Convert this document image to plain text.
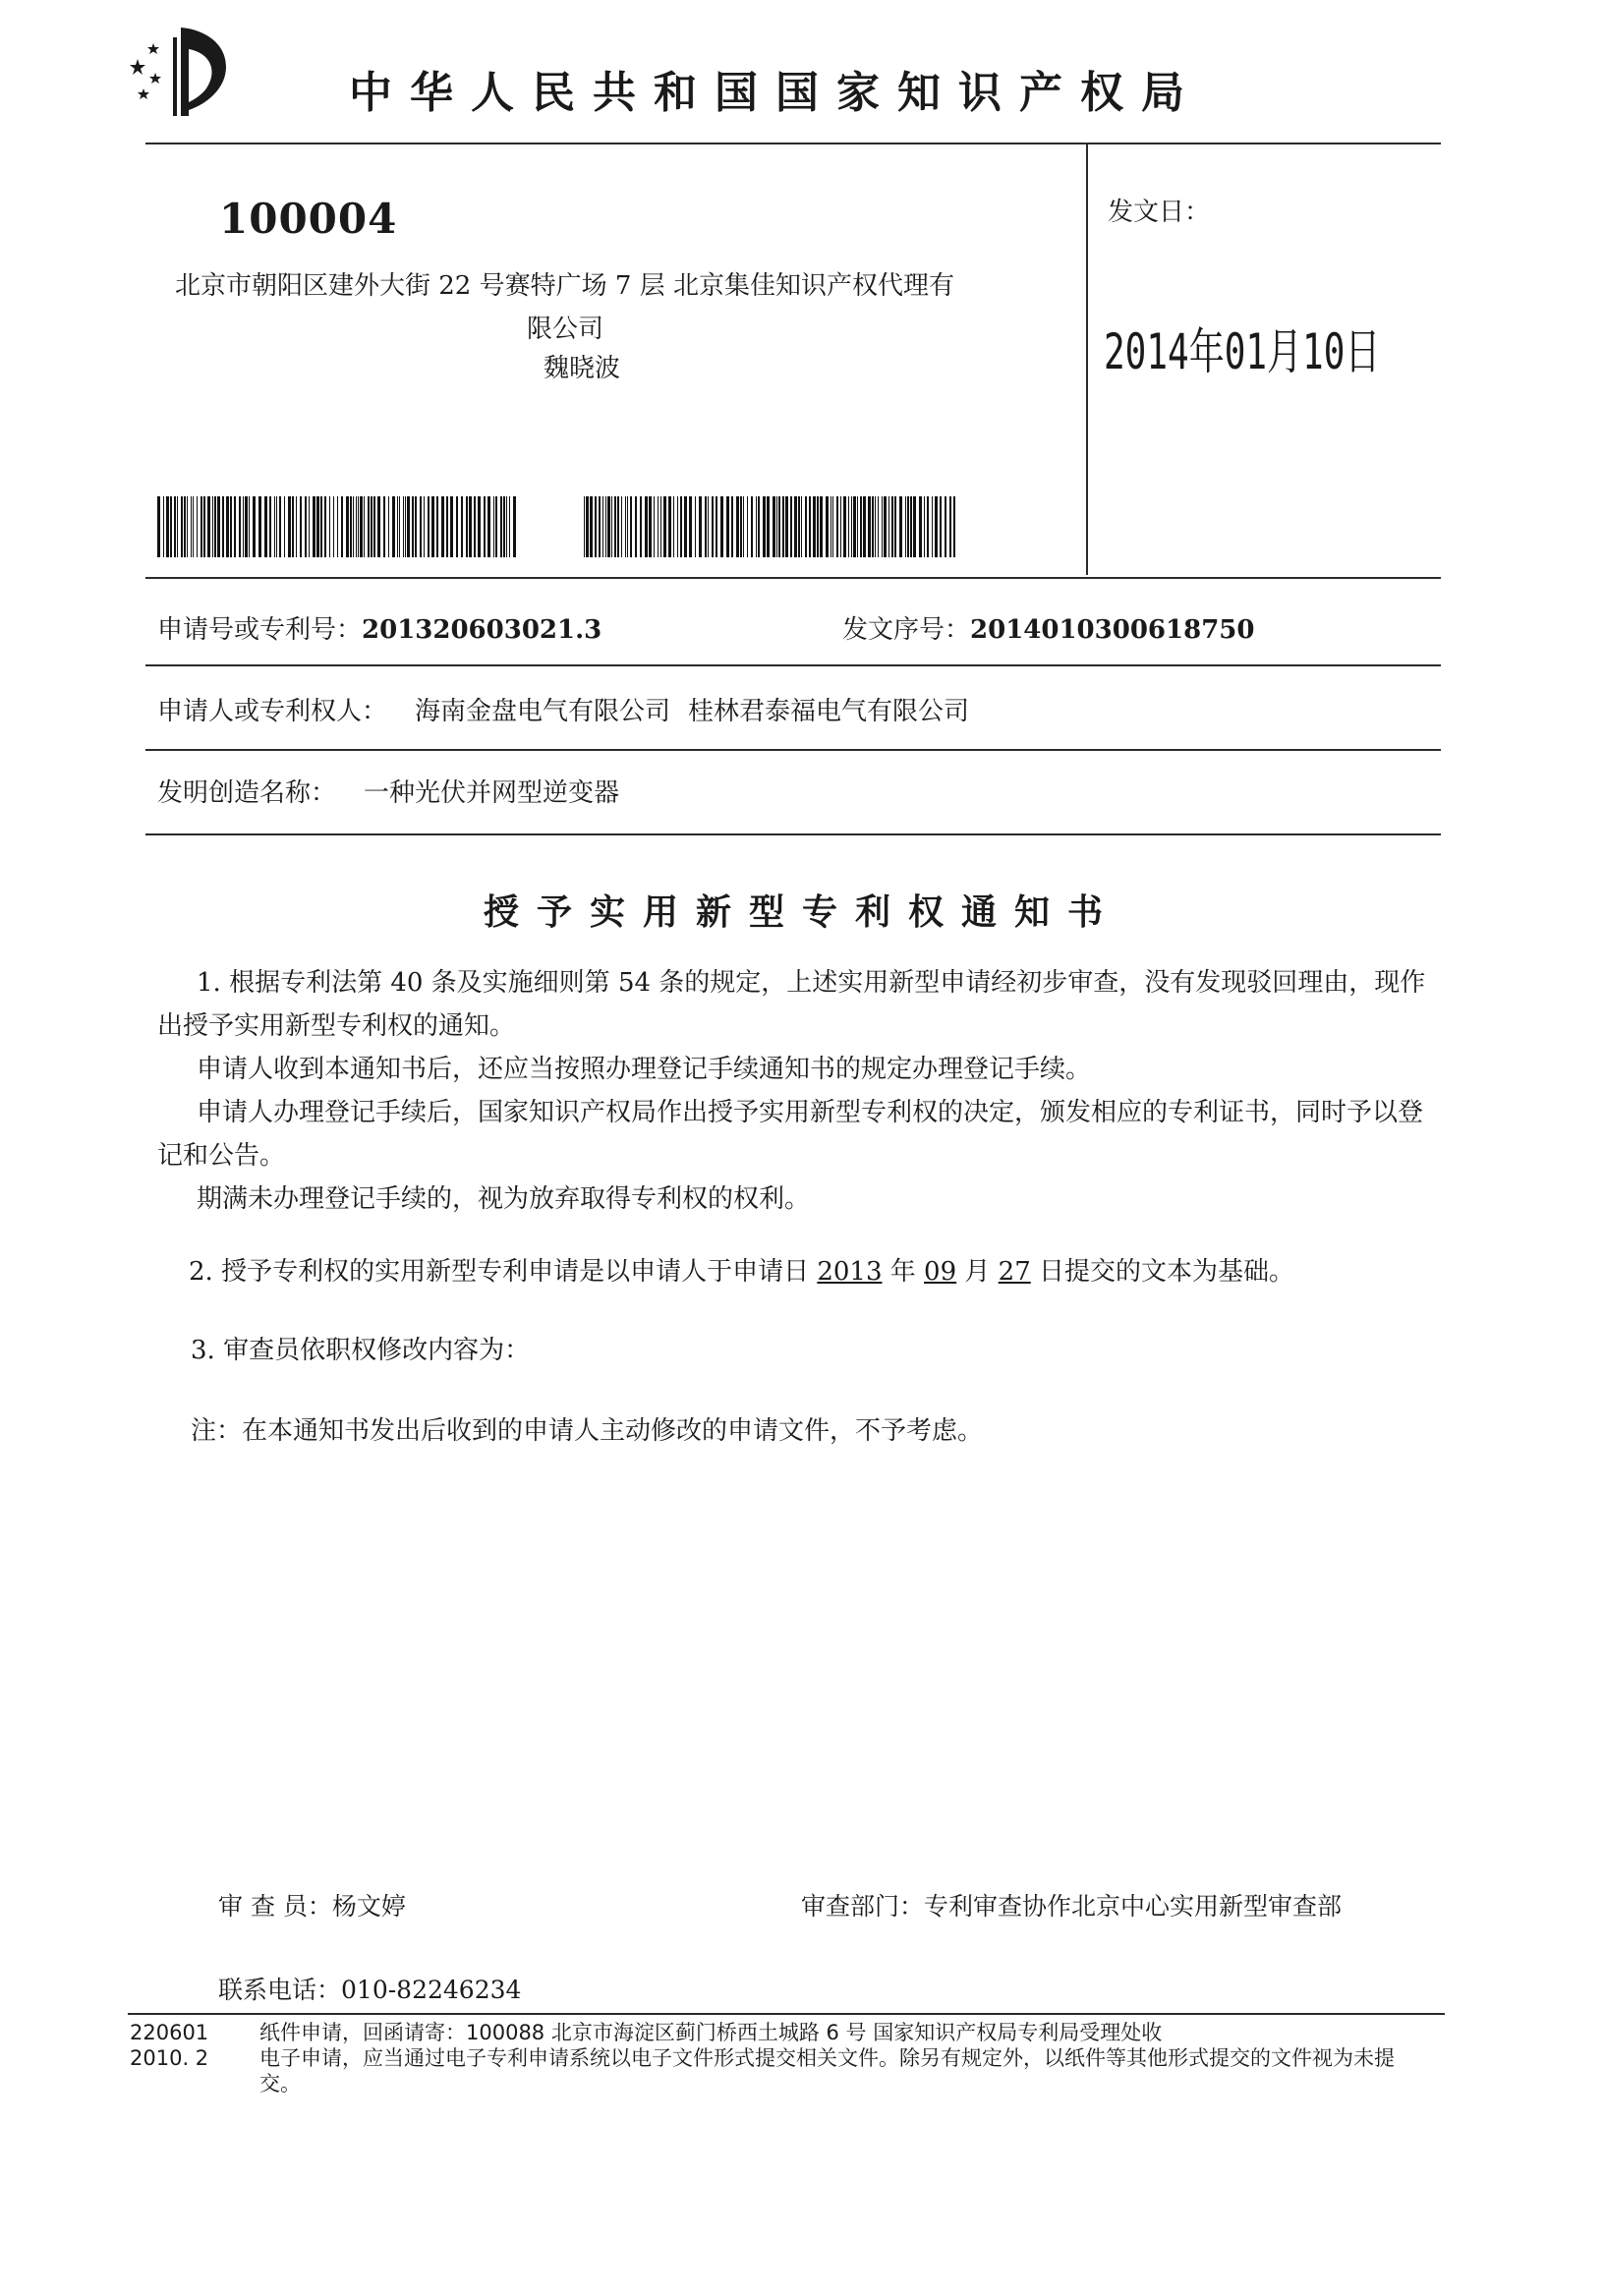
中华人民共和国国家知识产权局
100004
北京市朝阳区建外大街 22 号赛特广场 7 层 北京集佳知识产权代理有
限公司
魏晓波
发文日：
2014年01月10日
申请号或专利号：201320603021.3	发文序号：2014010300618750
申请人或专利权人： 海南金盘电气有限公司 桂林君泰福电气有限公司
发明创造名称： 一种光伏并网型逆变器
授予实用新型专利权通知书
1. 根据专利法第 40 条及实施细则第 54 条的规定，上述实用新型申请经初步审查，没有发现驳回理由，现作出授予实用新型专利权的通知。
申请人收到本通知书后，还应当按照办理登记手续通知书的规定办理登记手续。
申请人办理登记手续后，国家知识产权局作出授予实用新型专利权的决定，颁发相应的专利证书，同时予以登记和公告。
期满未办理登记手续的，视为放弃取得专利权的权利。
2. 授予专利权的实用新型专利申请是以申请人于申请日 2013 年 09 月 27 日提交的文本为基础。
3. 审查员依职权修改内容为：
注：在本通知书发出后收到的申请人主动修改的申请文件，不予考虑。
审 查 员：杨文婷	审查部门：专利审查协作北京中心实用新型审查部
联系电话：010-82246234
220601
2010. 2
纸件申请，回函请寄：100088 北京市海淀区蓟门桥西土城路 6 号 国家知识产权局专利局受理处收
电子申请，应当通过电子专利申请系统以电子文件形式提交相关文件。除另有规定外，以纸件等其他形式提交的文件视为未提交。
